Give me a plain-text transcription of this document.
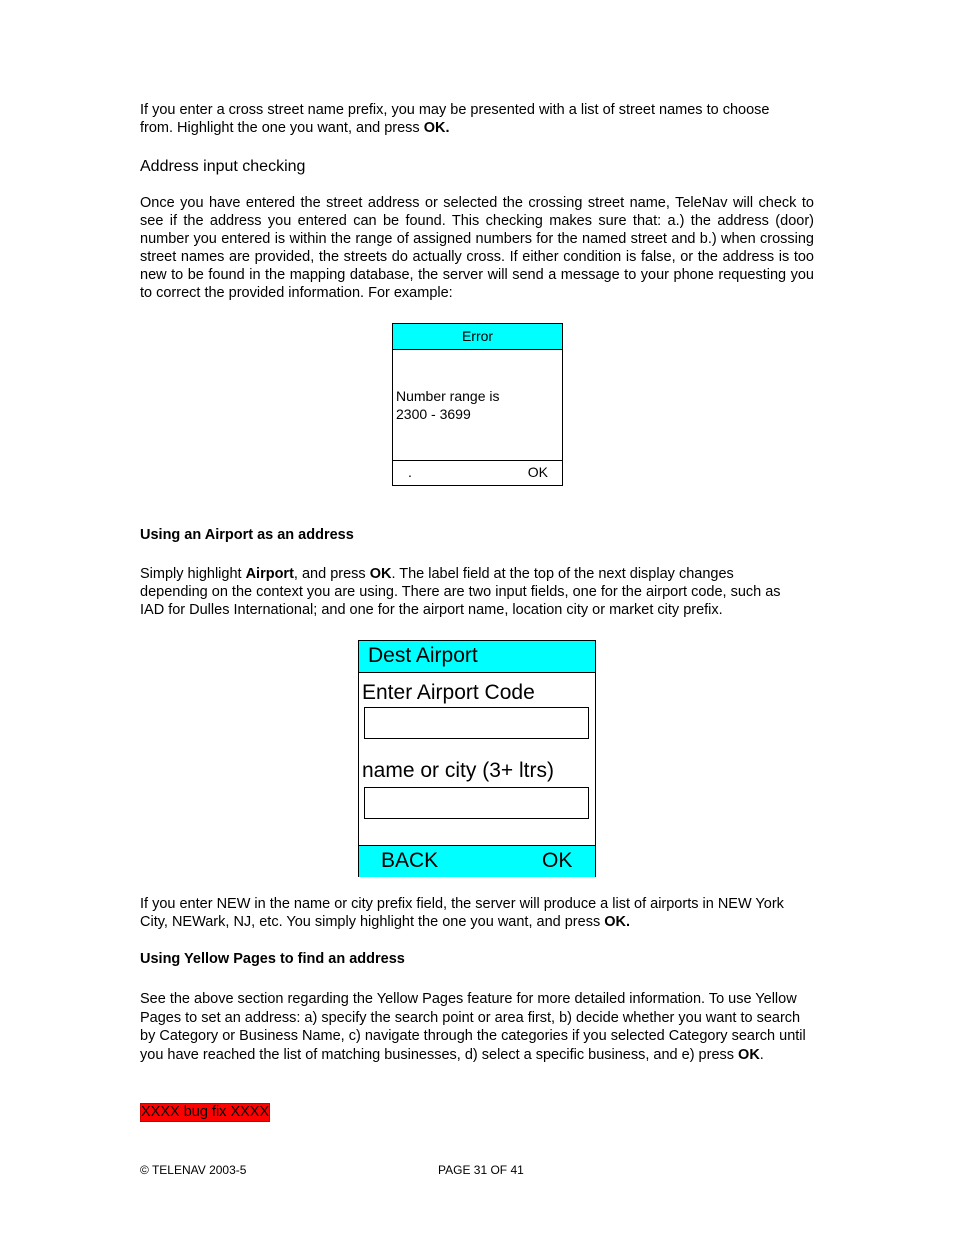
If you enter a cross street name prefix, you may be presented with a list of street names to choose from. Highlight the one you want, and press OK.

Address input checking

Once you have entered the street address or selected the crossing street name, TeleNav will check to see if the address you entered can be found. This checking makes sure that: a.) the address (door) number you entered is within the range of assigned numbers for the named street and b.) when crossing street names are provided, the streets do actually cross. If either condition is false, or the address is too new to be found in the mapping database, the server will send a message to your phone requesting you to correct the provided information. For example:

Error
Number range is
2300 - 3699
.	OK
Using an Airport as an address

Simply highlight Airport, and press OK. The label field at the top of the next display changes depending on the context you are using. There are two input fields, one for the airport code, such as IAD for Dulles International; and one for the airport name, location city or market city prefix.

Dest Airport
Enter Airport Code
name or city (3+ ltrs)
BACK	OK

If you enter NEW in the name or city prefix field, the server will produce a list of airports in NEW York City, NEWark, NJ, etc. You simply highlight the one you want, and press OK.

Using Yellow Pages to find an address

See the above section regarding the Yellow Pages feature for more detailed information. To use Yellow Pages to set an address: a) specify the search point or area first, b) decide whether you want to search by Category or Business Name, c) navigate through the categories if you selected Category search until you have reached the list of matching businesses, d) select a specific business, and e) press OK.

XXXX bug fix XXXX
© TELENAV 2003-5	PAGE 31 OF 41
